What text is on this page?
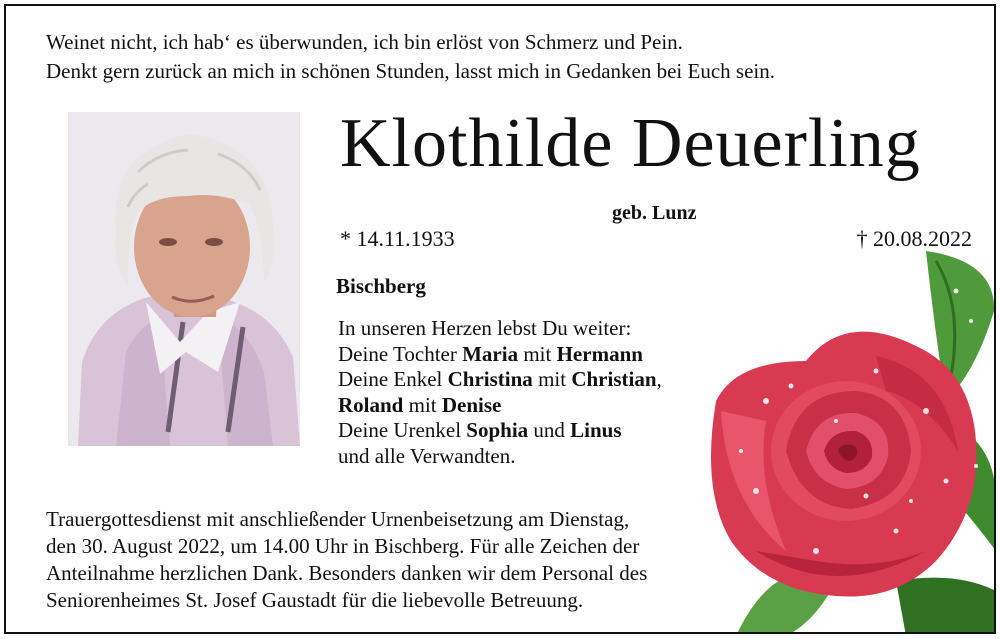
Weinet nicht, ich hab‘ es überwunden, ich bin erlöst von Schmerz und Pein.
Denkt gern zurück an mich in schönen Stunden, lasst mich in Gedanken bei Euch sein.
Klothilde Deuerling
geb. Lunz
* 14.11.1933	† 20.08.2022
Bischberg
In unseren Herzen lebst Du weiter:
Deine Tochter Maria mit Hermann
Deine Enkel Christina mit Christian,
Roland mit Denise
Deine Urenkel Sophia und Linus
und alle Verwandten.
Trauergottesdienst mit anschließender Urnenbeisetzung am Dienstag,
den 30. August 2022, um 14.00 Uhr in Bischberg. Für alle Zeichen der
Anteilnahme herzlichen Dank. Besonders danken wir dem Personal des
Seniorenheimes St. Josef Gaustadt für die liebevolle Betreuung.
